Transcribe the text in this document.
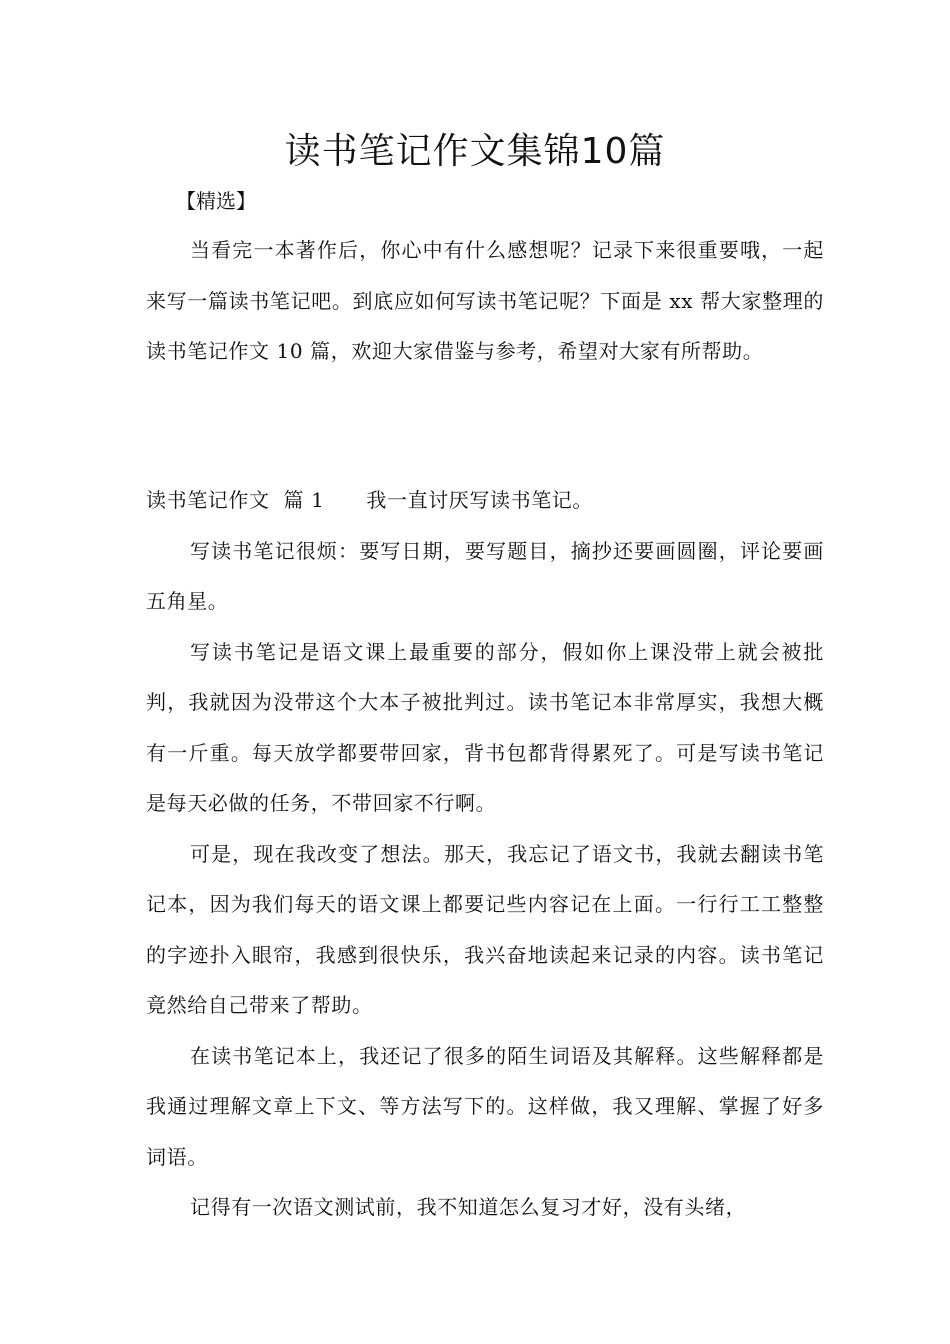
读书笔记作文集锦10篇
【精选】

当看完一本著作后，你心中有什么感想呢？记录下来很重要哦，一起来写一篇读书笔记吧。到底应如何写读书笔记呢？下面是 xx 帮大家整理的读书笔记作文 10 篇，欢迎大家借鉴与参考，希望对大家有所帮助。

读书笔记作文  篇 1 我一直讨厌写读书笔记。

写读书笔记很烦：要写日期，要写题目，摘抄还要画圆圈，评论要画五角星。

写读书笔记是语文课上最重要的部分，假如你上课没带上就会被批判，我就因为没带这个大本子被批判过。读书笔记本非常厚实，我想大概有一斤重。每天放学都要带回家，背书包都背得累死了。可是写读书笔记是每天必做的任务，不带回家不行啊。

可是，现在我改变了想法。那天，我忘记了语文书，我就去翻读书笔记本，因为我们每天的语文课上都要记些内容记在上面。一行行工工整整的字迹扑入眼帘，我感到很快乐，我兴奋地读起来记录的内容。读书笔记竟然给自己带来了帮助。

在读书笔记本上，我还记了很多的陌生词语及其解释。这些解释都是我通过理解文章上下文、等方法写下的。这样做，我又理解、掌握了好多词语。

记得有一次语文测试前，我不知道怎么复习才好，没有头绪，
